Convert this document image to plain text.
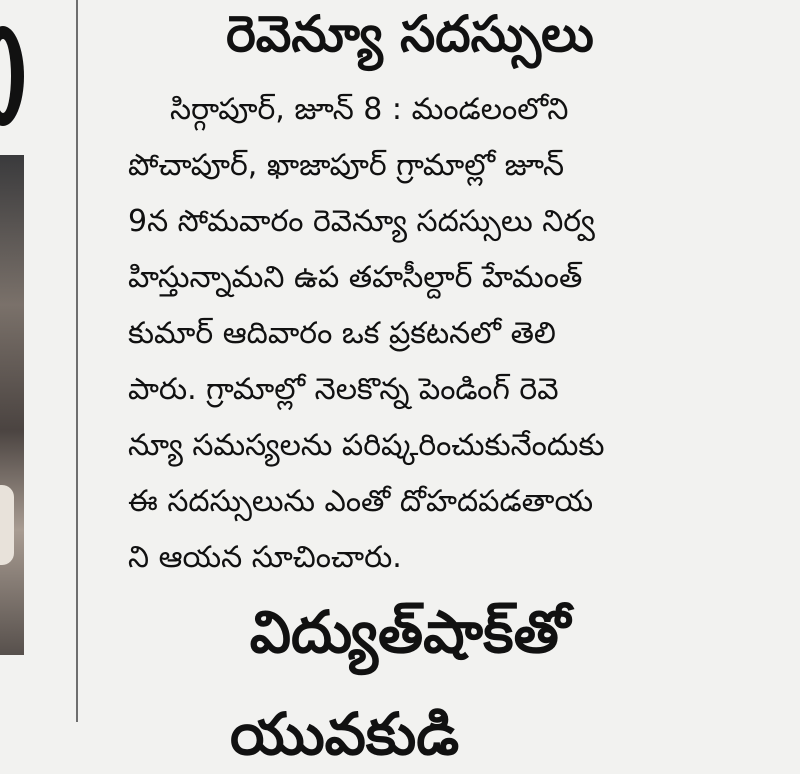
రెవెన్యూ సదస్సులు
సిర్గాపూర్, జూన్ 8 : మండలంలోని
పోచాపూర్, ఖాజాపూర్ గ్రామాల్లో జూన్
9న సోమవారం రెవెన్యూ సదస్సులు నిర్వ
హిస్తున్నామని ఉప తహసీల్దార్ హేమంత్
కుమార్ ఆదివారం ఒక ప్రకటనలో తెలి
పారు. గ్రామాల్లో నెలకొన్న పెండింగ్ రెవె
న్యూ సమస్యలను పరిష్కరించుకునేందుకు
ఈ సదస్సులును ఎంతో దోహదపడతాయ
ని ఆయన సూచించారు.
విద్యుత్‌షాక్‌తో
యువకుడి
